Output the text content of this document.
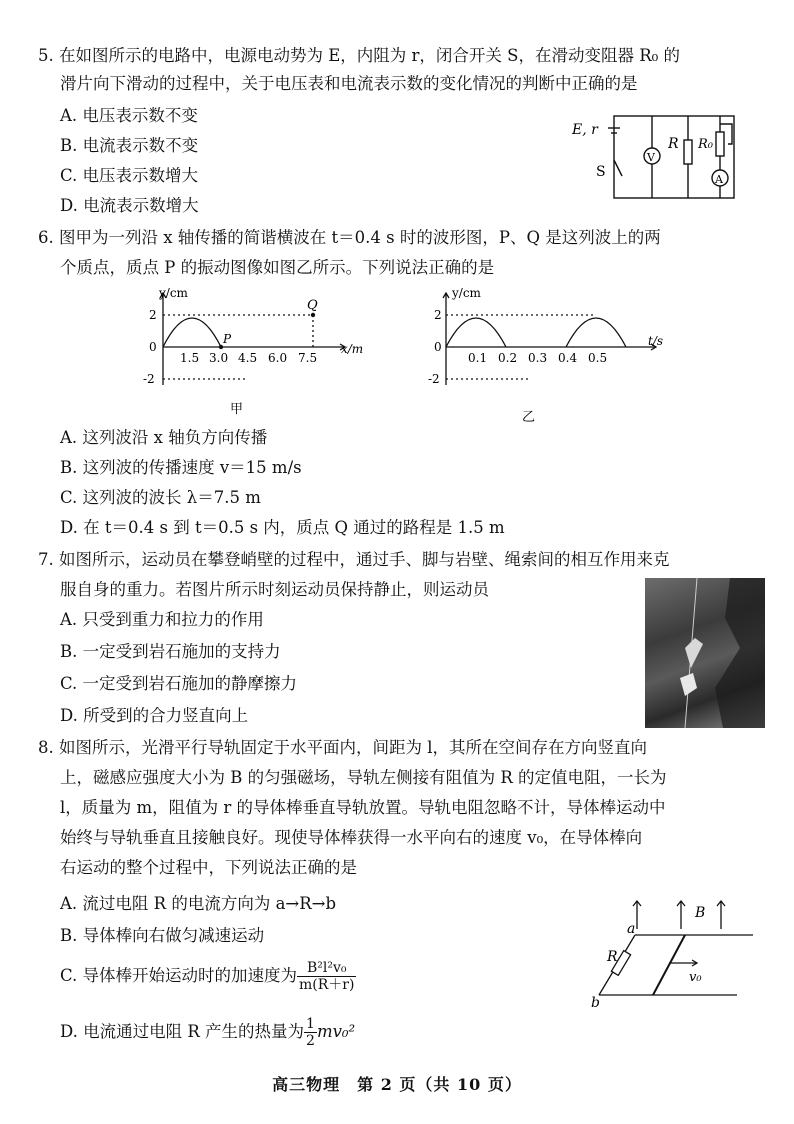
5. 在如图所示的电路中，电源电动势为 E，内阻为 r，闭合开关 S，在滑动变阻器 R₀ 的
滑片向下滑动的过程中，关于电压表和电流表示数的变化情况的判断中正确的是
A. 电压表示数不变
B. 电流表示数不变
C. 电压表示数增大
D. 电流表示数增大
E, r
S
V
R R₀
A
6. 图甲为一列沿 x 轴传播的简谐横波在 t＝0.4 s 时的波形图，P、Q 是这列波上的两
个质点，质点 P 的振动图像如图乙所示。下列说法正确的是
y/cm
x/m
2
-2
0
1.5 3.0 4.5 6.0 7.5
P
Q
甲
y/cm
t/s
2
-2
0
0.1 0.2 0.3 0.4 0.5
乙
A. 这列波沿 x 轴负方向传播
B. 这列波的传播速度 v＝15 m/s
C. 这列波的波长 λ＝7.5 m
D. 在 t＝0.4 s 到 t＝0.5 s 内，质点 Q 通过的路程是 1.5 m
7. 如图所示，运动员在攀登峭壁的过程中，通过手、脚与岩壁、绳索间的相互作用来克
服自身的重力。若图片所示时刻运动员保持静止，则运动员
A. 只受到重力和拉力的作用
B. 一定受到岩石施加的支持力
C. 一定受到岩石施加的静摩擦力
D. 所受到的合力竖直向上
8. 如图所示，光滑平行导轨固定于水平面内，间距为 l，其所在空间存在方向竖直向
上，磁感应强度大小为 B 的匀强磁场，导轨左侧接有阻值为 R 的定值电阻，一长为
l，质量为 m，阻值为 r 的导体棒垂直导轨放置。导轨电阻忽略不计，导体棒运动中
始终与导轨垂直且接触良好。现使导体棒获得一水平向右的速度 v₀，在导体棒向
右运动的整个过程中，下列说法正确的是
A. 流过电阻 R 的电流方向为 a→R→b
B. 导体棒向右做匀减速运动
C. 导体棒开始运动时的加速度为 $\frac{\text{B²l²v₀}}{m(R+r)}$
D. 电流通过电阻 R 产生的热量为 $\frac{1}{2} mv_0^2$
a
b
B
R
v₀
高三物理　第 2 页（共 10 页）
